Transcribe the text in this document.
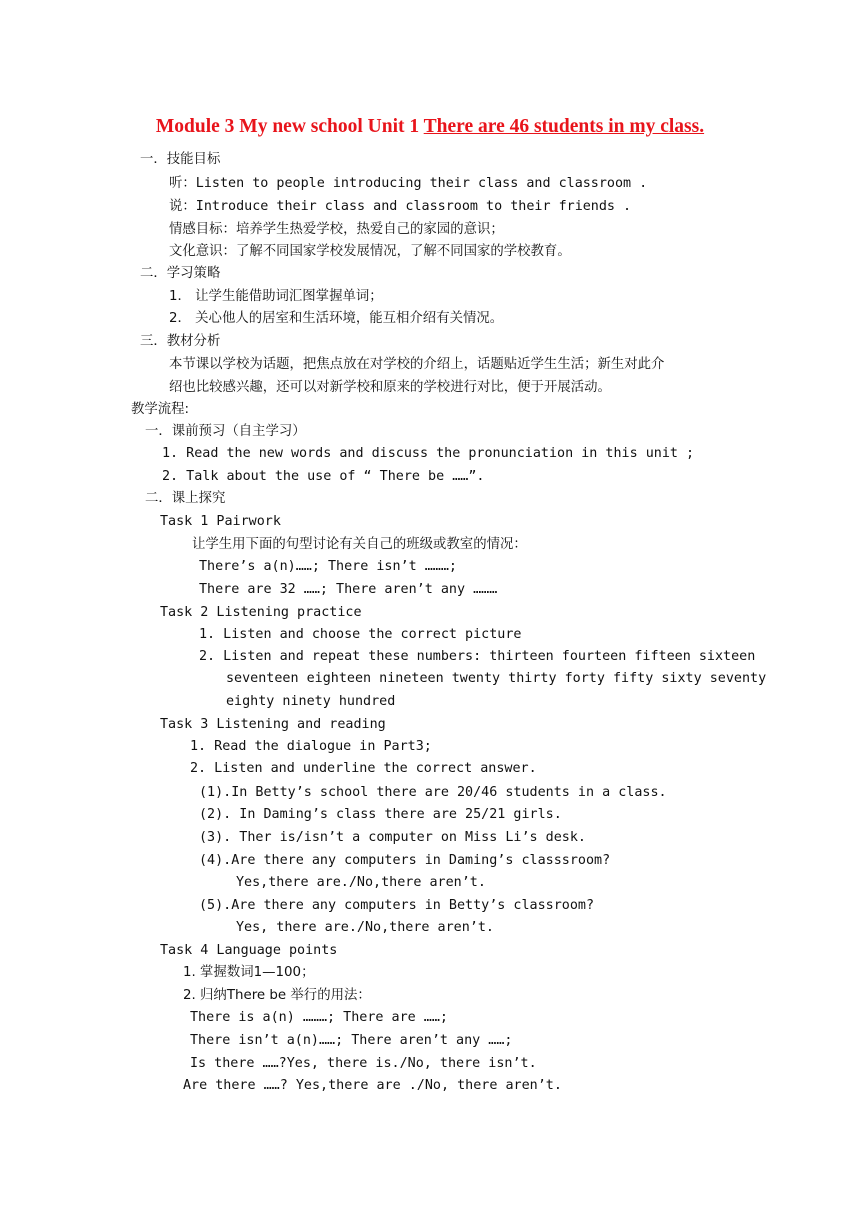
Module 3 My new school Unit 1 There are 46 students in my class.
一．技能目标
听：Listen to people introducing their class and classroom .
说：Introduce their class and classroom to their friends .
情感目标：培养学生热爱学校，热爱自己的家园的意识；
文化意识：了解不同国家学校发展情况，了解不同国家的学校教育。
二．学习策略
1． 让学生能借助词汇图掌握单词；
2． 关心他人的居室和生活环境，能互相介绍有关情况。
三．教材分析
本节课以学校为话题，把焦点放在对学校的介绍上，话题贴近学生生活；新生对此介
绍也比较感兴趣，还可以对新学校和原来的学校进行对比，便于开展活动。
教学流程:
一．课前预习（自主学习）
1. Read the new words and discuss the pronunciation in this unit ;
2. Talk about the use of “ There be ……”.
二．课上探究
Task 1 Pairwork
让学生用下面的句型讨论有关自己的班级或教室的情况：
There’s a(n)……; There isn’t ………;
There are 32 ……; There aren’t any ………
Task 2 Listening practice
1. Listen and choose the correct picture
2. Listen and repeat these numbers: thirteen fourteen fifteen sixteen
seventeen eighteen nineteen twenty thirty forty fifty sixty seventy
eighty ninety hundred
Task 3 Listening and reading
1. Read the dialogue in Part3;
2. Listen and underline the correct answer.
(1).In Betty’s school there are 20/46 students in a class.
(2). In Daming’s class there are 25/21 girls.
(3). Ther is/isn’t a computer on Miss Li’s desk.
(4).Are there any computers in Daming’s classsroom?
Yes,there are./No,there aren’t.
(5).Are there any computers in Betty’s classroom?
Yes, there are./No,there aren’t.
Task 4 Language points
1. 掌握数词1—100；
2. 归纳There be 举行的用法：
There is a(n) ………; There are ……;
There isn’t a(n)……; There aren’t any ……;
Is there ……?Yes, there is./No, there isn’t.
Are there ……? Yes,there are ./No, there aren’t.
